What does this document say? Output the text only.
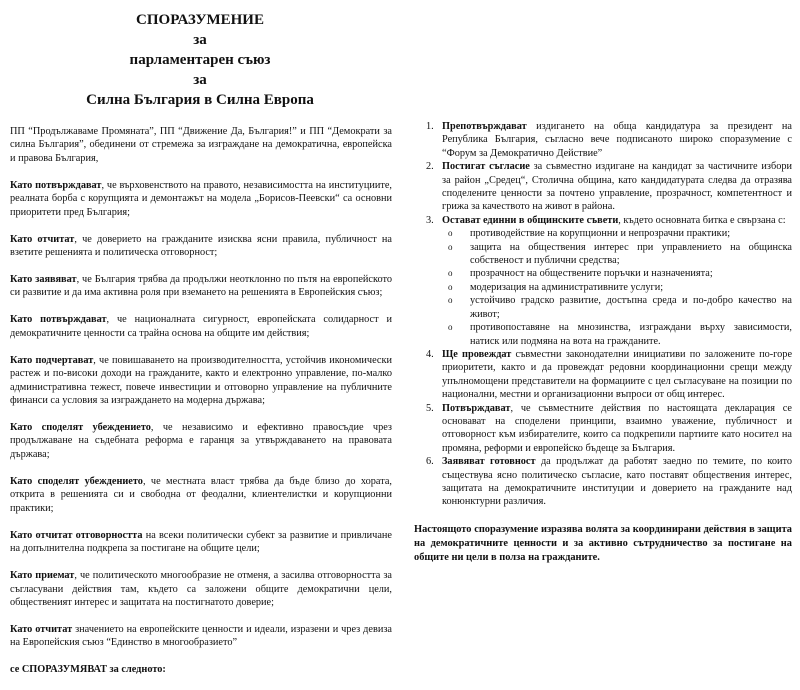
СПОРАЗУМЕНИЕ
за
парламентарен съюз
за
Силна България в Силна Европа

ПП “Продължаваме Промяната”, ПП “Движение Да, България!” и ПП “Демократи за силна България”, обединени от стремежа за изграждане на демократична, европейска и правова България,

Като потвърждават, че върховенството на правото, независимостта на институциите, реалната борба с корупцията и демонтажът на модела „Борисов-Пеевски“ са основни приоритети пред България;

Като отчитат, че доверието на гражданите изисква ясни правила, публичност на взетите решенията и политическа отговорност;

Като заявяват, че България трябва да продължи неотклонно по пътя на европейското си развитие и да има активна роля при вземането на решенията в Европейския съюз;

Като потвърждават, че националната сигурност, европейската солидарност и демократичните ценности са трайна основа на общите им действия;

Като подчертават, че повишаването на производителността, устойчив икономически растеж и по-високи доходи на гражданите, както и електронно управление, по-малко административна тежест, повече инвестиции и отговорно управление на публичните финанси са условия за изграждането на модерна държава;

Като споделят убеждението, че независимо и ефективно правосъдие чрез продължаване на съдебната реформа е гаранця за утвърждаването на правовата държава;

Като споделят убеждението, че местната власт трябва да бъде близо до хората, открита в решенията си и свободна от феодални, клиентелистки и корупционни практики;

Като отчитат отговорността на всеки политически субект за развитие и привличане на допълнителна подкрепа за постигане на общите цели;

Като приемат, че политическото многообразие не отменя, а засилва отговорността за съгласувани действия там, където са заложени общите демократични цели, общественият интерес и защитата на постигнатото доверие;

Като отчитат значението на европейските ценности и идеали, изразени и чрез девиза на Европейския съюз “Единство в многообразието”

се СПОРАЗУМЯВАТ за следното:

1. Препотвърждават издигането на обща кандидатура за президент на Република България, съгласно вече подписаното широко споразумение с “Форум за Демократично Действие”
2. Постигат съгласие за съвместно издигане на кандидат за частичните избори за район „Средец“, Столична община, като кандидатурата следва да отразява споделените ценности за почтено управление, прозрачност, компетентност и грижа за качеството на живот в района.
3. Остават единни в общинските съвети, където основната битка е свързана с:
o противодействие на корупционни и непрозрачни практики;
o защита на обществения интерес при управлението на общинска собственост и публични средства;
o прозрачност на обществените поръчки и назначенията;
o модеризация на административните услуги;
o устойчиво градско развитие, достъпна среда и по-добро качество на живот;
o противопоставяне на мнозинства, изграждани върху зависимости, натиск или подмяна на вота на гражданите.
4. Ще провеждат съвместни законодателни инициативи по заложените по-горе приоритети, както и да провеждат редовни координационни срещи между упълномощени представители на формациите с цел съгласуване на позиции по национални, местни и организационни въпроси от общ интерес.
5. Потвърждават, че съвместните действия по настоящата декларация се основават на споделени принципи, взаимно уважение, публичност и отговорност към избирателите, които са подкрепили партиите като носител на промяна, реформи и европейско бъдеще за България.
6. Заявяват готовност да продължат да работят заедно по темите, по които съществува ясно политическо съгласие, като поставят обществения интерес, защитата на демократичните институции и доверието на гражданите над конюнктурни различия.

Настоящото споразумение изразява волята за координирани действия в защита на демократичните ценности и за активно сътрудничество за постигане на общите ни цели в полза на гражданите.
